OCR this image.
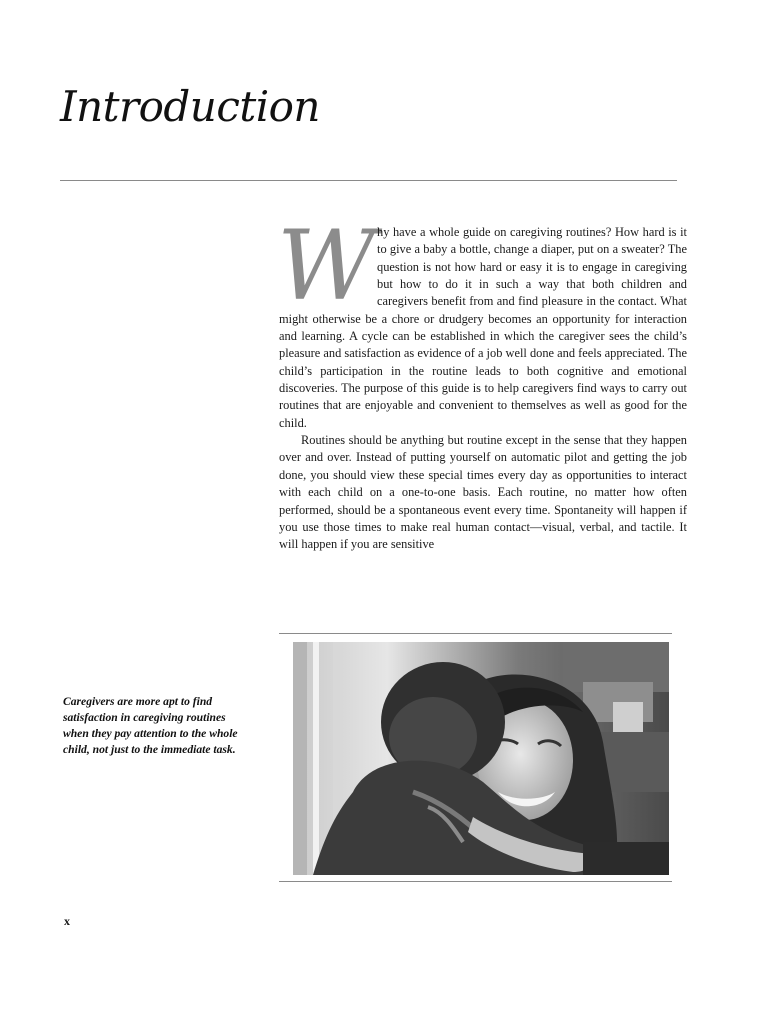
Introduction

Why have a whole guide on caregiving routines? How hard is it to give a baby a bottle, change a diaper, put on a sweater? The question is not how hard or easy it is to engage in caregiving but how to do it in such a way that both children and caregivers benefit from and find pleasure in the contact. What might otherwise be a chore or drudgery becomes an opportunity for interaction and learning. A cycle can be established in which the caregiver sees the child’s pleasure and satisfaction as evidence of a job well done and feels appreciated. The child’s participation in the routine leads to both cognitive and emotional discoveries. The purpose of this guide is to help caregivers find ways to carry out routines that are enjoyable and convenient to themselves as well as good for the child.

Routines should be anything but routine except in the sense that they happen over and over. Instead of putting yourself on automatic pilot and getting the job done, you should view these special times every day as opportunities to interact with each child on a one-to-one basis. Each routine, no matter how often performed, should be a spontaneous event every time. Spontaneity will happen if you use those times to make real human contact—visual, verbal, and tactile. It will happen if you are sensitive

Caregivers are more apt to find satisfaction in caregiving routines when they pay attention to the whole child, not just to the immediate task.
x
